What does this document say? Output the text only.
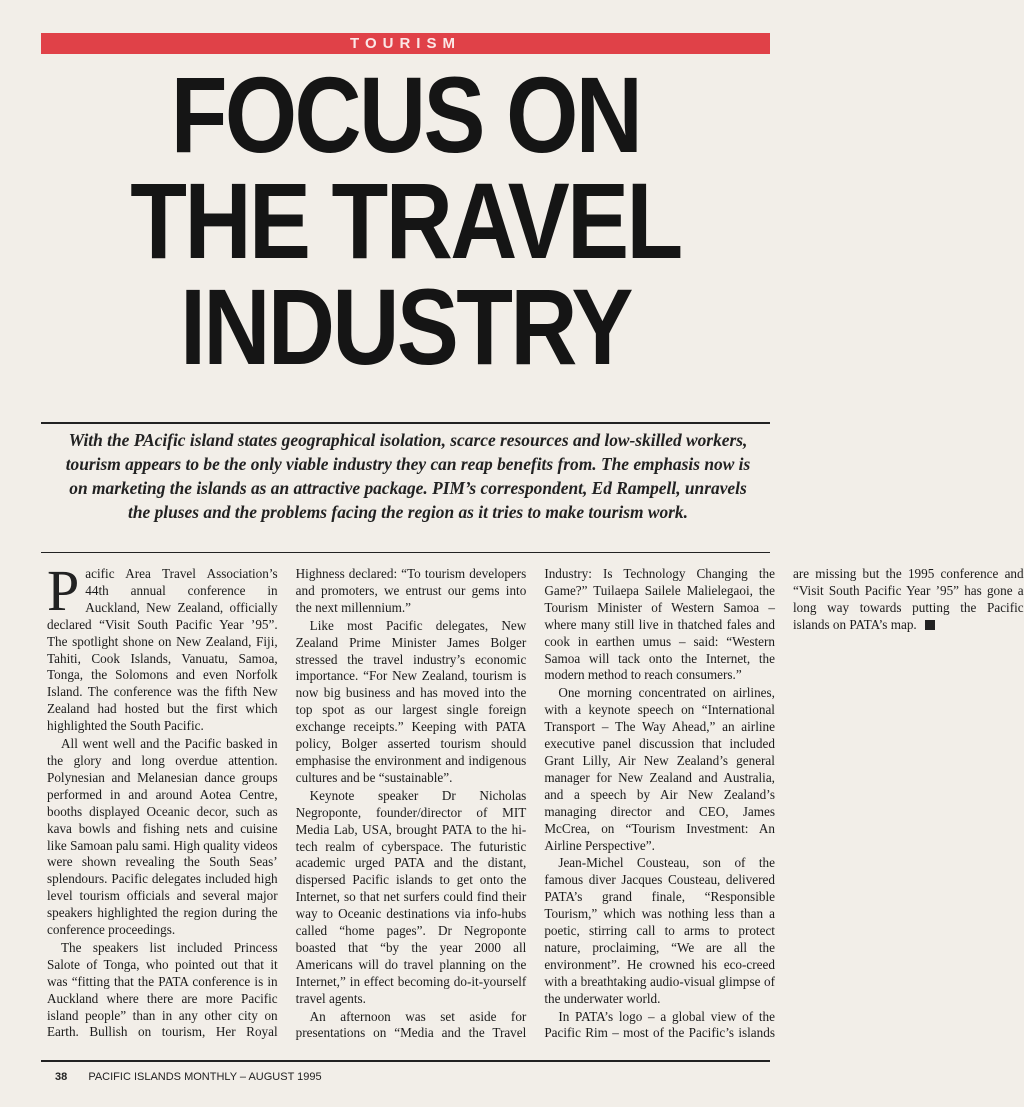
TOURISM
FOCUS ON THE TRAVEL INDUSTRY

With the PAcific island states geographical isolation, scarce resources and low-skilled workers, tourism appears to be the only viable industry they can reap benefits from. The emphasis now is on marketing the islands as an attractive package. PIM’s correspondent, Ed Rampell, unravels the pluses and the problems facing the region as it tries to make tourism work.

Pacific Area Travel Association’s 44th annual conference in Auckland, New Zealand, officially declared “Visit South Pacific Year ’95”. The spotlight shone on New Zealand, Fiji, Tahiti, Cook Islands, Vanuatu, Samoa, Tonga, the Solomons and even Norfolk Island. The conference was the fifth New Zealand had hosted but the first which highlighted the South Pacific.

All went well and the Pacific basked in the glory and long overdue attention. Polynesian and Melanesian dance groups performed in and around Aotea Centre, booths displayed Oceanic decor, such as kava bowls and fishing nets and cuisine like Samoan palu sami. High quality videos were shown revealing the South Seas’ splendours. Pacific delegates included high level tourism officials and several major speakers highlighted the region during the conference proceedings.

The speakers list included Princess Salote of Tonga, who pointed out that it was “fitting that the PATA conference is in Auckland where there are more Pacific island people” than in any other city on Earth. Bullish on tourism, Her Royal Highness declared: “To tourism developers and promoters, we entrust our gems into the next millennium.”

Like most Pacific delegates, New Zealand Prime Minister James Bolger stressed the travel industry’s economic importance. “For New Zealand, tourism is now big business and has moved into the top spot as our largest single foreign exchange receipts.” Keeping with PATA policy, Bolger asserted tourism should emphasise the environment and indigenous cultures and be “sustainable”.

Keynote speaker Dr Nicholas Negroponte, founder/director of MIT Media Lab, USA, brought PATA to the hi-tech realm of cyberspace. The futuristic academic urged PATA and the distant, dispersed Pacific islands to get onto the Internet, so that net surfers could find their way to Oceanic destinations via info-hubs called “home pages”. Dr Negroponte boasted that “by the year 2000 all Americans will do travel planning on the Internet,” in effect becoming do-it-yourself travel agents.

An afternoon was set aside for presentations on “Media and the Travel Industry: Is Technology Changing the Game?” Tuilaepa Sailele Malielegaoi, the Tourism Minister of Western Samoa – where many still live in thatched fales and cook in earthen umus – said: “Western Samoa will tack onto the Internet, the modern method to reach consumers.”

One morning concentrated on airlines, with a keynote speech on “International Transport – The Way Ahead,” an airline executive panel discussion that included Grant Lilly, Air New Zealand’s general manager for New Zealand and Australia, and a speech by Air New Zealand’s managing director and CEO, James McCrea, on “Tourism Investment: An Airline Perspective”.

Jean-Michel Cousteau, son of the famous diver Jacques Cousteau, delivered PATA’s grand finale, “Responsible Tourism,” which was nothing less than a poetic, stirring call to arms to protect nature, proclaiming, “We are all the environment”. He crowned his eco-creed with a breathtaking audio-visual glimpse of the underwater world.

In PATA’s logo – a global view of the Pacific Rim – most of the Pacific’s islands are missing but the 1995 conference and “Visit South Pacific Year ’95” has gone a long way towards putting the Pacific islands on PATA’s map.

38 PACIFIC ISLANDS MONTHLY – AUGUST 1995
